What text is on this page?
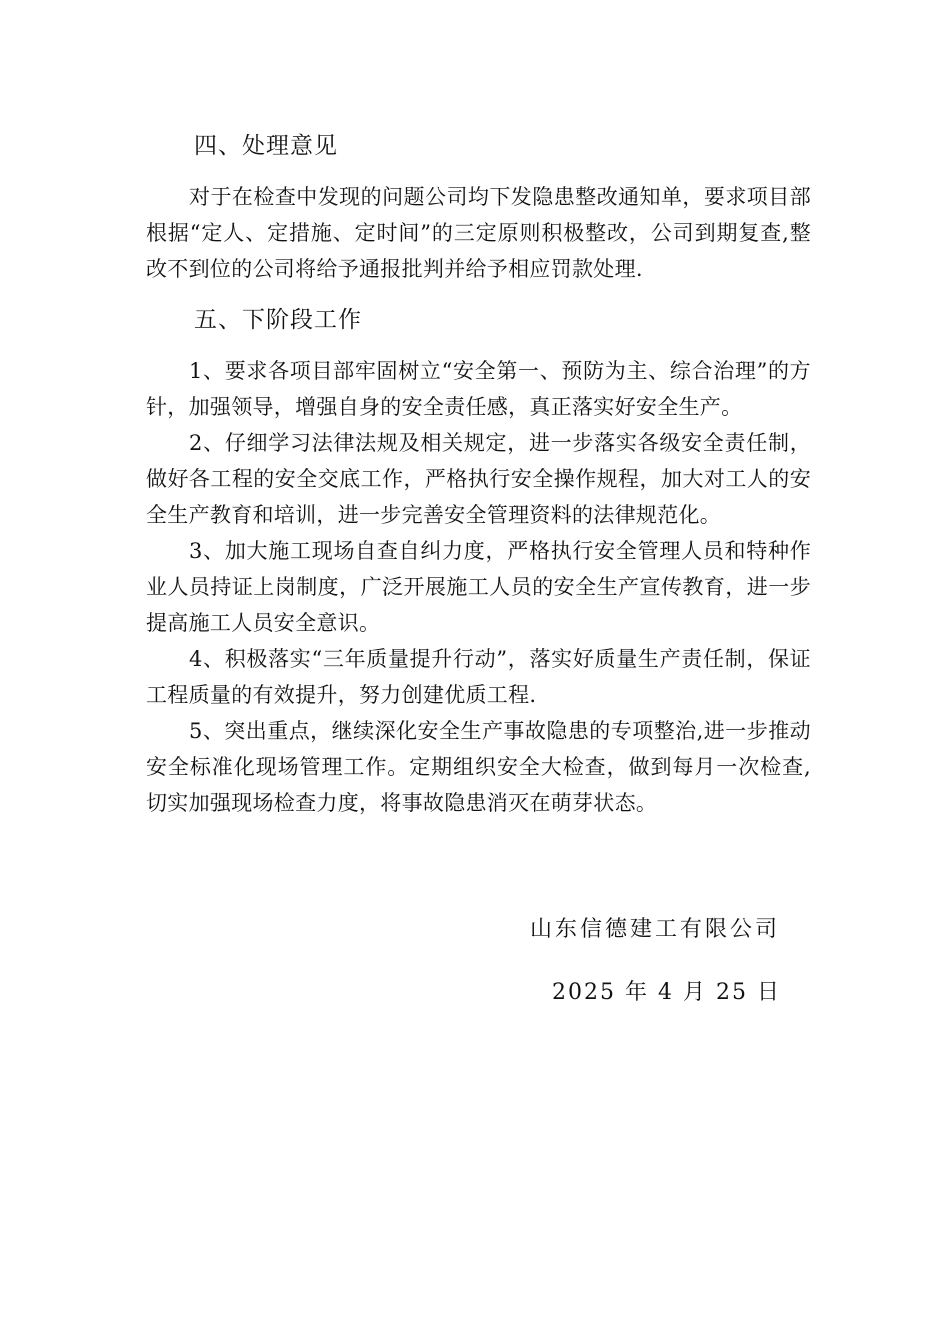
四、处理意见

对于在检查中发现的问题公司均下发隐患整改通知单，要求项目部根据“定人、定措施、定时间”的三定原则积极整改，公司到期复查,整改不到位的公司将给予通报批判并给予相应罚款处理.

五、下阶段工作

1、要求各项目部牢固树立“安全第一、预防为主、综合治理”的方针，加强领导，增强自身的安全责任感，真正落实好安全生产。

2、仔细学习法律法规及相关规定，进一步落实各级安全责任制，做好各工程的安全交底工作，严格执行安全操作规程，加大对工人的安全生产教育和培训，进一步完善安全管理资料的法律规范化。

3、加大施工现场自查自纠力度，严格执行安全管理人员和特种作业人员持证上岗制度，广泛开展施工人员的安全生产宣传教育，进一步提高施工人员安全意识。

4、积极落实“三年质量提升行动”，落实好质量生产责任制，保证工程质量的有效提升，努力创建优质工程.

5、突出重点，继续深化安全生产事故隐患的专项整治,进一步推动安全标准化现场管理工作。定期组织安全大检查，做到每月一次检查,切实加强现场检查力度，将事故隐患消灭在萌芽状态。

山东信德建工有限公司
2025 年 4 月 25 日
